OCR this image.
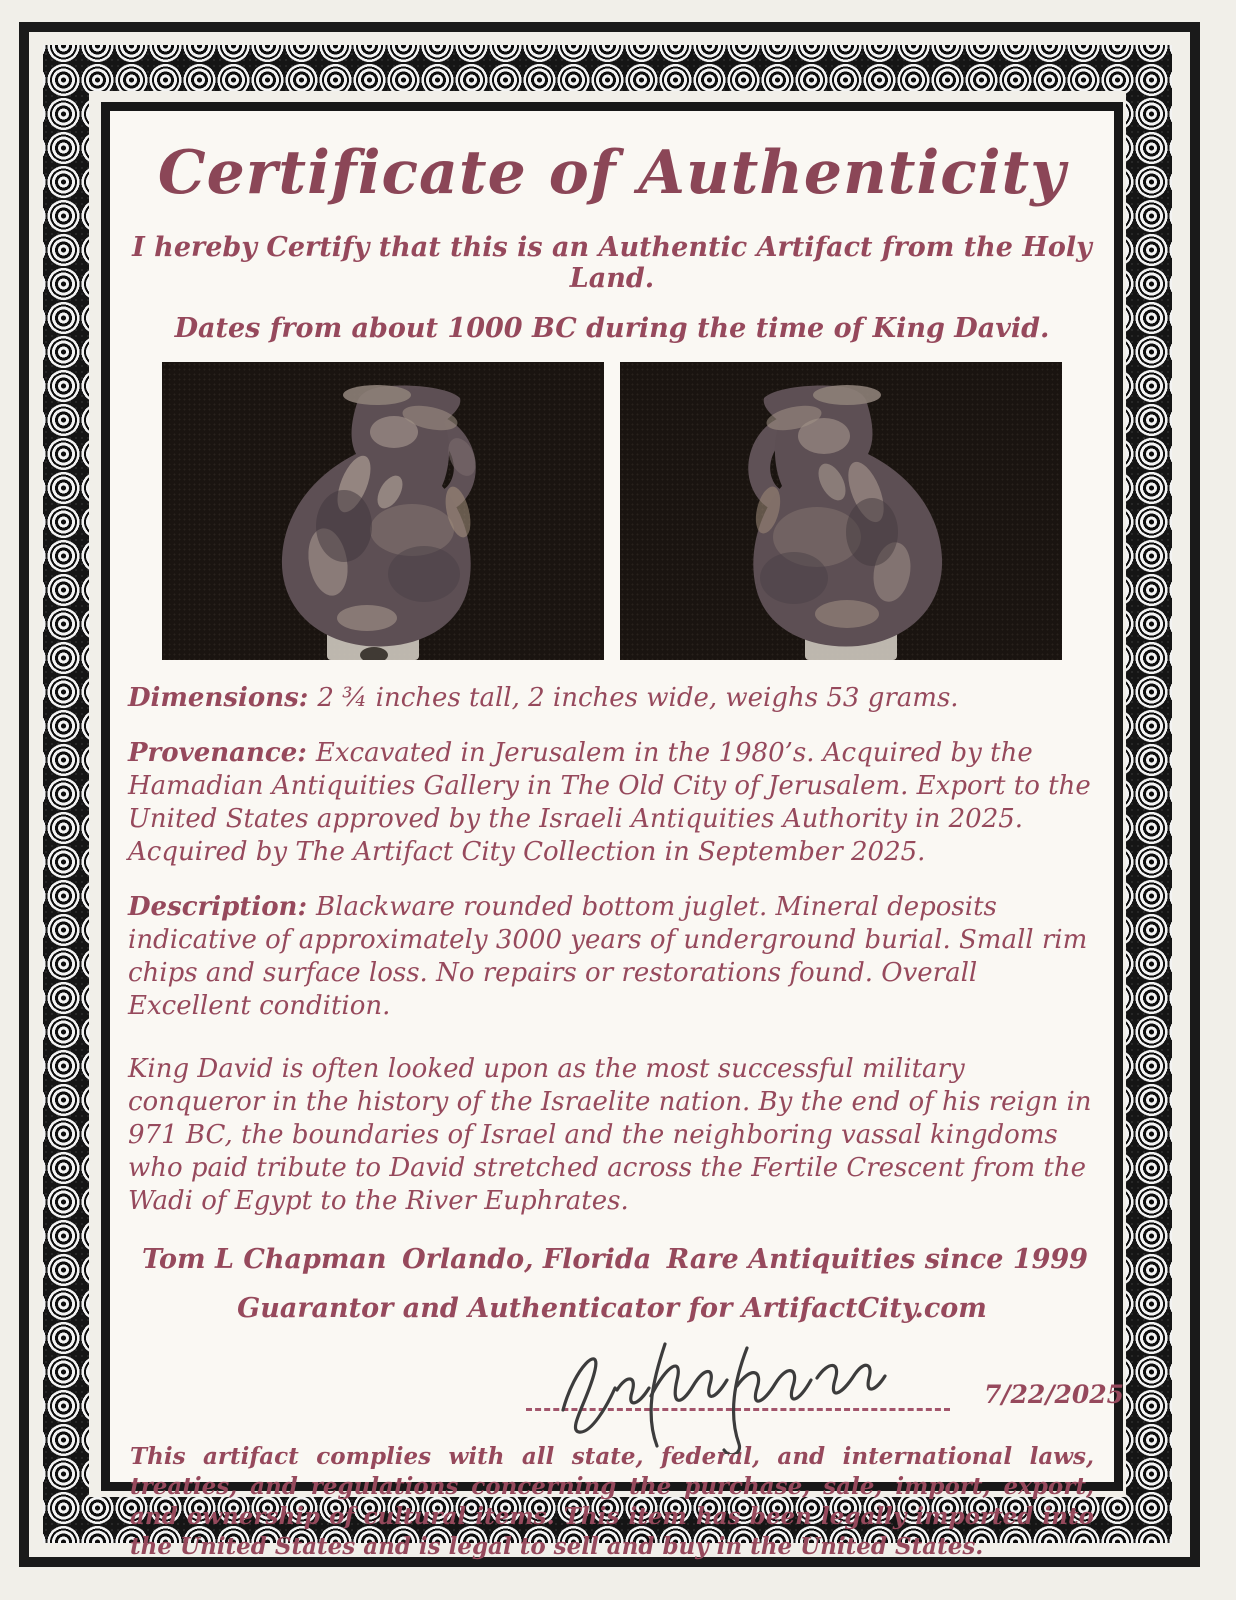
Certificate of Authenticity
I hereby Certify that this is an Authentic Artifact from the Holy Land.
Dates from about 1000 BC during the time of King David.

Dimensions: 2 ¾ inches tall, 2 inches wide, weighs 53 grams.

Provenance: Excavated in Jerusalem in the 1980’s. Acquired by the Hamadian Antiquities Gallery in The Old City of Jerusalem. Export to the United States approved by the Israeli Antiquities Authority in 2025. Acquired by The Artifact City Collection in September 2025.

Description: Blackware rounded bottom juglet. Mineral deposits indicative of approximately 3000 years of underground burial. Small rim chips and surface loss. No repairs or restorations found. Overall Excellent condition.

King David is often looked upon as the most successful military conqueror in the history of the Israelite nation. By the end of his reign in 971 BC, the boundaries of Israel and the neighboring vassal kingdoms who paid tribute to David stretched across the Fertile Crescent from the Wadi of Egypt to the River Euphrates.

Tom L Chapman Orlando, Florida Rare Antiquities since 1999
Guarantor and Authenticator for ArtifactCity.com
7/22/2025

This artifact complies with all state, federal, and international laws, treaties, and regulations concerning the purchase, sale, import, export, and ownership of cultural items. This item has been legally imported into the United States and is legal to sell and buy in the United States.
